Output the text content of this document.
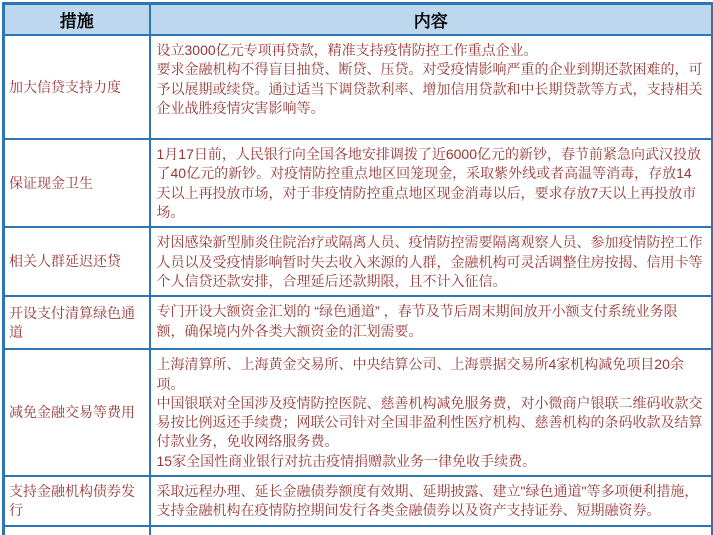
措施	内容
加大信贷支持力度	设立3000亿元专项再贷款，精准支持疫情防控工作重点企业。
要求金融机构不得盲目抽贷、断贷、压贷。对受疫情影响严重的企业到期还款困难的，可予以展期或续贷。通过适当下调贷款利率、增加信用贷款和中长期贷款等方式，支持相关企业战胜疫情灾害影响等。

保证现金卫生	1月17日前，人民银行向全国各地安排调拨了近6000亿元的新钞，春节前紧急向武汉投放了40亿元的新钞。对疫情防控重点地区回笼现金，采取紫外线或者高温等消毒，存放14天以上再投放市场，对于非疫情防控重点地区现金消毒以后，要求存放7天以上再投放市场。

相关人群延迟还贷	对因感染新型肺炎住院治疗或隔离人员、疫情防控需要隔离观察人员、参加疫情防控工作人员以及受疫情影响暂时失去收入来源的人群，金融机构可灵活调整住房按揭、信用卡等个人信贷还款安排，合理延后还款期限，且不计入征信。

开设支付清算绿色通道	专门开设大额资金汇划的 “绿色通道” ，春节及节后周末期间放开小额支付系统业务限额，确保境内外各类大额资金的汇划需要。

减免金融交易等费用	上海清算所、上海黄金交易所、中央结算公司、上海票据交易所4家机构减免项目20余项。
中国银联对全国涉及疫情防控医院、慈善机构减免服务费，对小微商户银联二维码收款交易按比例返还手续费；网联公司针对全国非盈利性医疗机构、慈善机构的条码收款及结算付款业务，免收网络服务费。
15家全国性商业银行对抗击疫情捐赠款业务一律免收手续费。

支持金融机构债券发行	采取远程办理、延长金融债券额度有效期、延期披露、建立"绿色通道"等多项便利措施，支持金融机构在疫情防控期间发行各类金融债券以及资产支持证券、短期融资券。
